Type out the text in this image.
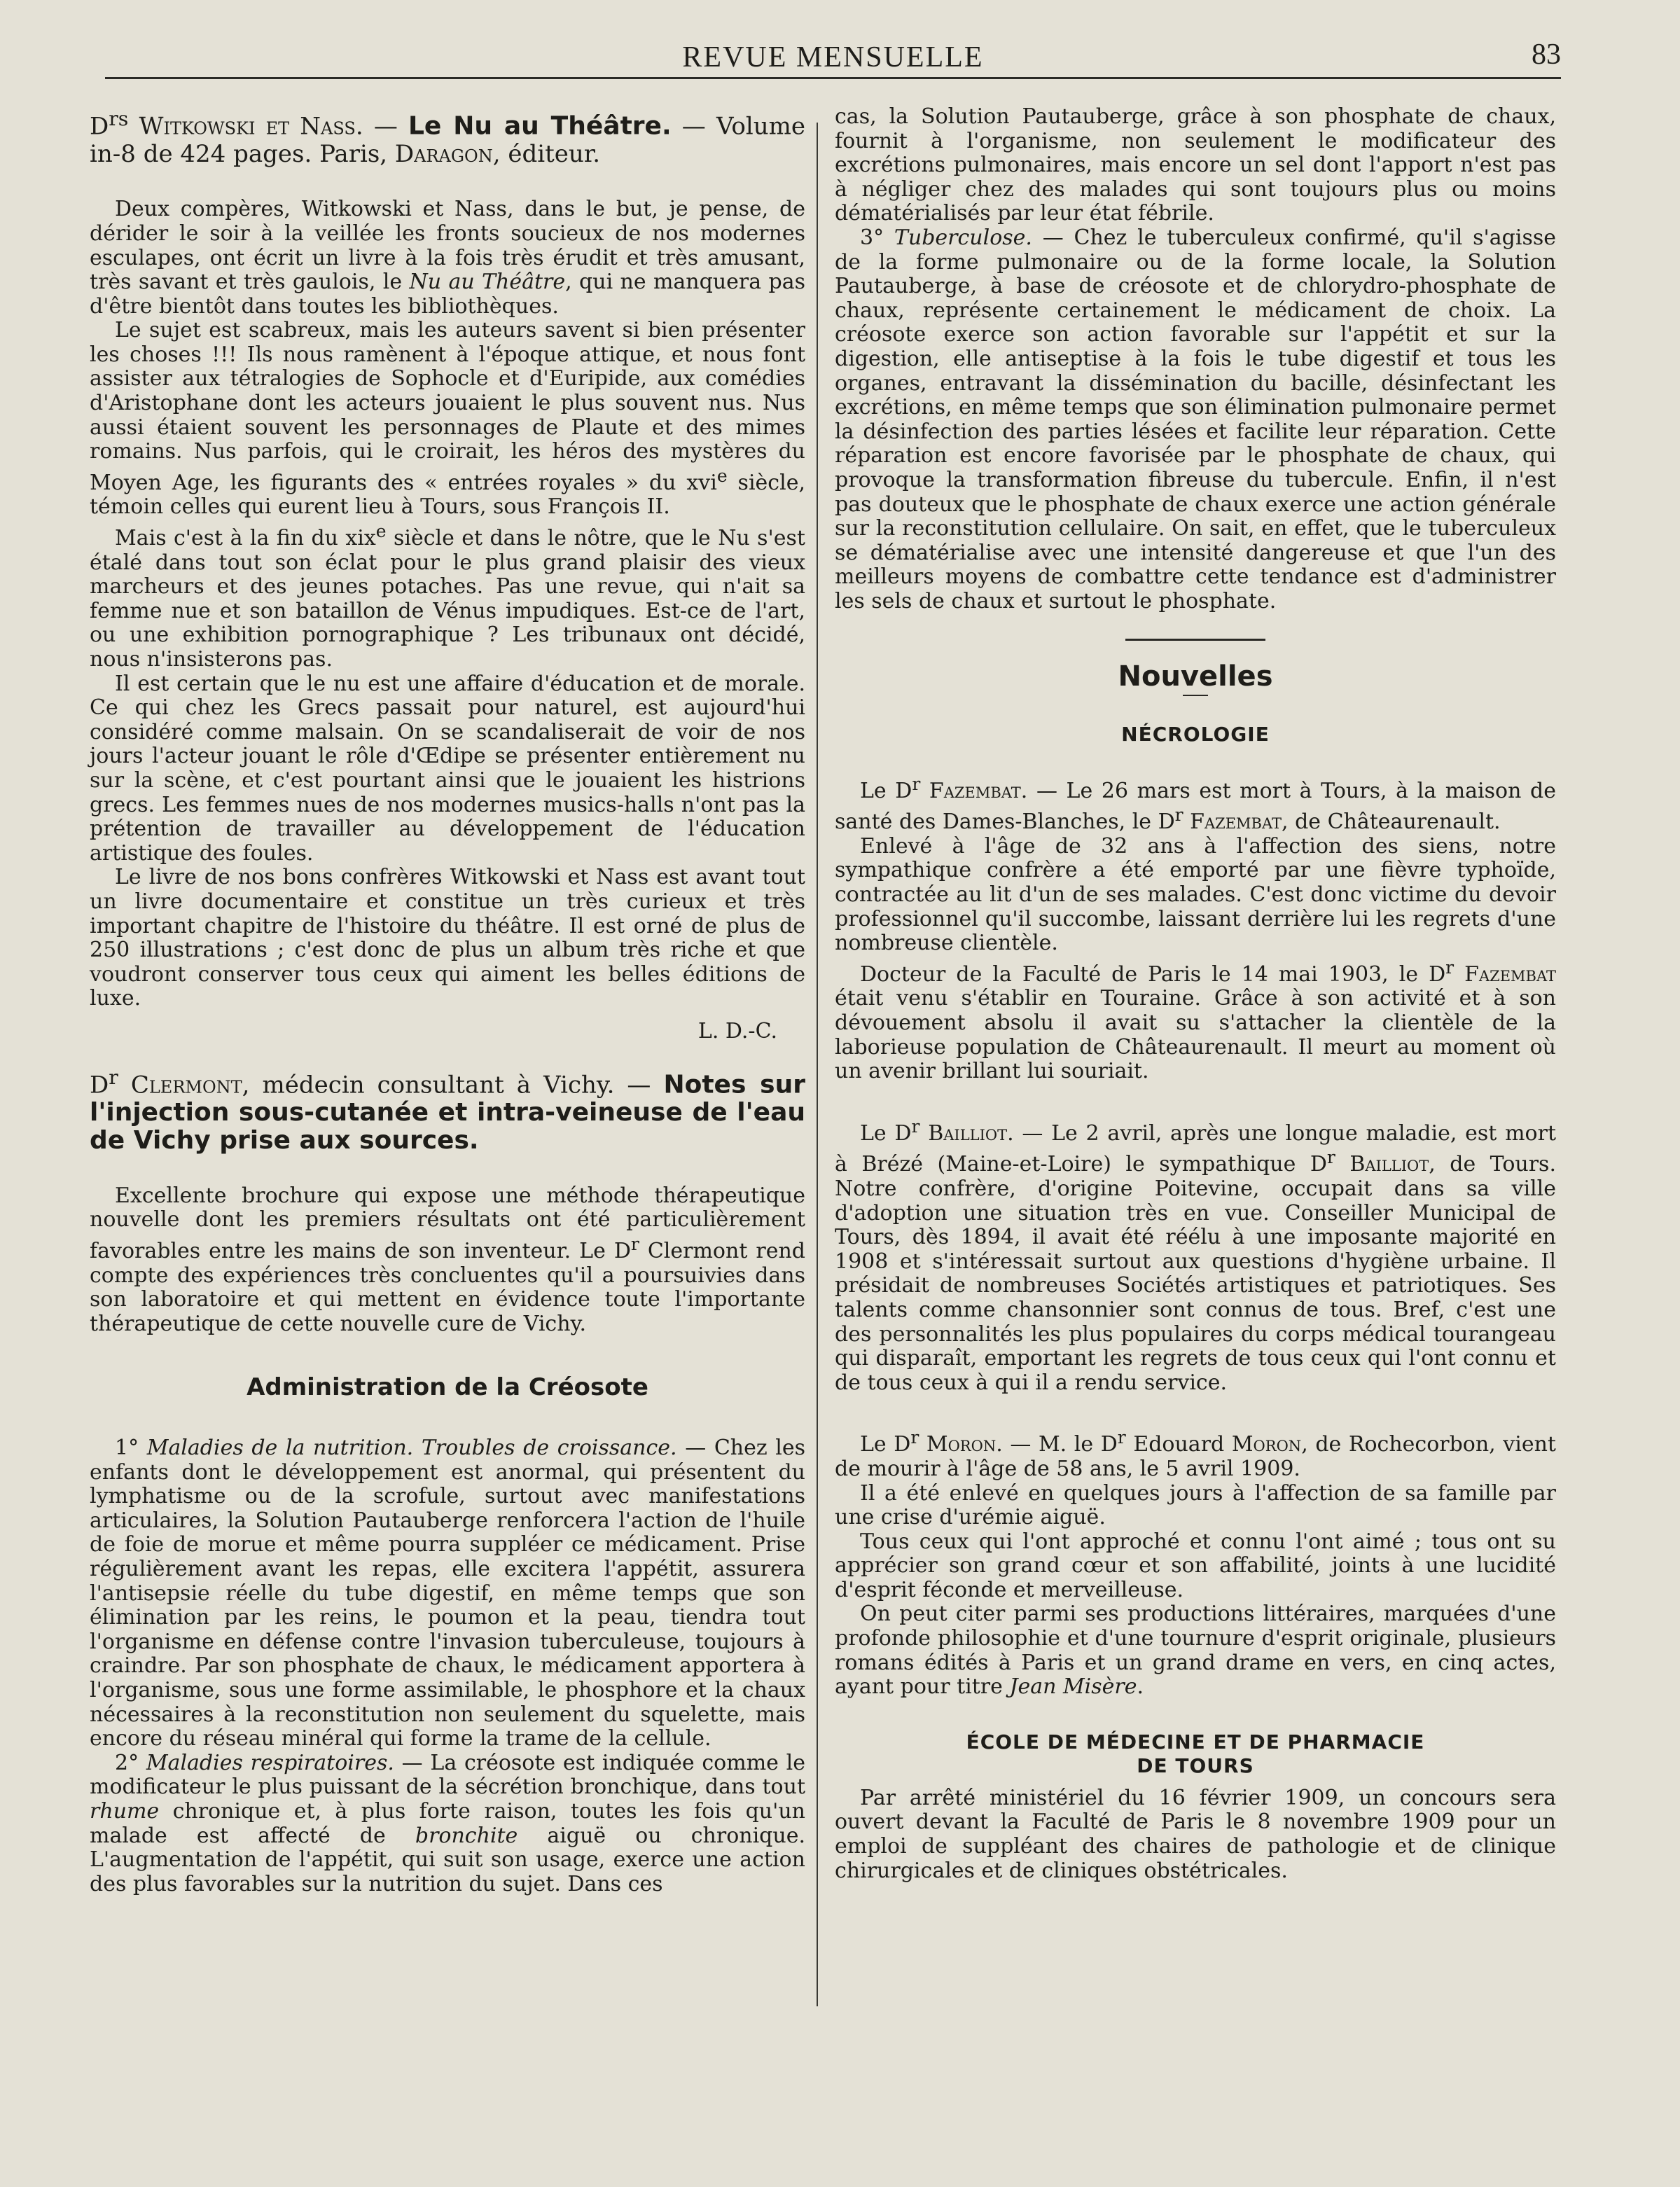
REVUE MENSUELLE	83
$D^{rs}$ Witkowski et Nass. — Le Nu au Théâtre. — Volume in-8 de 424 pages. Paris, Daragon, éditeur.

Deux compères, Witkowski et Nass, dans le but, je pense, de dérider le soir à la veillée les fronts soucieux de nos modernes esculapes, ont écrit un livre à la fois très érudit et très amusant, très savant et très gaulois, le Nu au Théâtre, qui ne manquera pas d'être bientôt dans toutes les bibliothèques.

Le sujet est scabreux, mais les auteurs savent si bien présenter les choses !!! Ils nous ramènent à l'époque attique, et nous font assister aux tétralogies de Sophocle et d'Euripide, aux comédies d'Aristophane dont les acteurs jouaient le plus souvent nus. Nus aussi étaient souvent les personnages de Plaute et des mimes romains. Nus parfois, qui le croirait, les héros des mystères du Moyen Age, les figurants des « entrées royales » du xvi$^e$ siècle, témoin celles qui eurent lieu à Tours, sous François II.

Mais c'est à la fin du xix$^e$ siècle et dans le nôtre, que le Nu s'est étalé dans tout son éclat pour le plus grand plaisir des vieux marcheurs et des jeunes potaches. Pas une revue, qui n'ait sa femme nue et son bataillon de Vénus impudiques. Est-ce de l'art, ou une exhibition pornographique ? Les tribunaux ont décidé, nous n'insisterons pas.

Il est certain que le nu est une affaire d'éducation et de morale. Ce qui chez les Grecs passait pour naturel, est aujourd'hui considéré comme malsain. On se scandaliserait de voir de nos jours l'acteur jouant le rôle d'Œdipe se présenter entièrement nu sur la scène, et c'est pourtant ainsi que le jouaient les histrions grecs. Les femmes nues de nos modernes musics-halls n'ont pas la prétention de travailler au développement de l'éducation artistique des foules.

Le livre de nos bons confrères Witkowski et Nass est avant tout un livre documentaire et constitue un très curieux et très important chapitre de l'histoire du théâtre. Il est orné de plus de 250 illustrations ; c'est donc de plus un album très riche et que voudront conserver tous ceux qui aiment les belles éditions de luxe.

L. D.-C.
$D^r$ Clermont, médecin consultant à Vichy. — Notes sur l'injection sous-cutanée et intra-veineuse de l'eau de Vichy prise aux sources.

Excellente brochure qui expose une méthode thérapeutique nouvelle dont les premiers résultats ont été particulièrement favorables entre les mains de son inventeur. Le $D^r$ Clermont rend compte des expériences très concluentes qu'il a poursuivies dans son laboratoire et qui mettent en évidence toute l'importante thérapeutique de cette nouvelle cure de Vichy.

Administration de la Créosote

1° Maladies de la nutrition. Troubles de croissance. — Chez les enfants dont le développement est anormal, qui présentent du lymphatisme ou de la scrofule, surtout avec manifestations articulaires, la Solution Pautauberge renforcera l'action de l'huile de foie de morue et même pourra suppléer ce médicament. Prise régulièrement avant les repas, elle excitera l'appétit, assurera l'antisepsie réelle du tube digestif, en même temps que son élimination par les reins, le poumon et la peau, tiendra tout l'organisme en défense contre l'invasion tuberculeuse, toujours à craindre. Par son phosphate de chaux, le médicament apportera à l'organisme, sous une forme assimilable, le phosphore et la chaux nécessaires à la reconstitution non seulement du squelette, mais encore du réseau minéral qui forme la trame de la cellule.

2° Maladies respiratoires. — La créosote est indiquée comme le modificateur le plus puissant de la sécrétion bronchique, dans tout rhume chronique et, à plus forte raison, toutes les fois qu'un malade est affecté de bronchite aiguë ou chronique. L'augmentation de l'appétit, qui suit son usage, exerce une action des plus favorables sur la nutrition du sujet. Dans ces

cas, la Solution Pautauberge, grâce à son phosphate de chaux, fournit à l'organisme, non seulement le modificateur des excrétions pulmonaires, mais encore un sel dont l'apport n'est pas à négliger chez des malades qui sont toujours plus ou moins dématérialisés par leur état fébrile.

3° Tuberculose. — Chez le tuberculeux confirmé, qu'il s'agisse de la forme pulmonaire ou de la forme locale, la Solution Pautauberge, à base de créosote et de chlorydro-phosphate de chaux, représente certainement le médicament de choix. La créosote exerce son action favorable sur l'appétit et sur la digestion, elle antiseptise à la fois le tube digestif et tous les organes, entravant la dissémination du bacille, désinfectant les excrétions, en même temps que son élimination pulmonaire permet la désinfection des parties lésées et facilite leur réparation. Cette réparation est encore favorisée par le phosphate de chaux, qui provoque la transformation fibreuse du tubercule. Enfin, il n'est pas douteux que le phosphate de chaux exerce une action générale sur la reconstitution cellulaire. On sait, en effet, que le tuberculeux se dématérialise avec une intensité dangereuse et que l'un des meilleurs moyens de combattre cette tendance est d'administrer les sels de chaux et surtout le phosphate.

Nouvelles
NÉCROLOGIE

Le $D^r$ Fazembat. — Le 26 mars est mort à Tours, à la maison de santé des Dames-Blanches, le $D^r$ Fazembat, de Châteaurenault.

Enlevé à l'âge de 32 ans à l'affection des siens, notre sympathique confrère a été emporté par une fièvre typhoïde, contractée au lit d'un de ses malades. C'est donc victime du devoir professionnel qu'il succombe, laissant derrière lui les regrets d'une nombreuse clientèle.

Docteur de la Faculté de Paris le 14 mai 1903, le $D^r$ Fazembat était venu s'établir en Touraine. Grâce à son activité et à son dévouement absolu il avait su s'attacher la clientèle de la laborieuse population de Châteaurenault. Il meurt au moment où un avenir brillant lui souriait.

Le $D^r$ Bailliot. — Le 2 avril, après une longue maladie, est mort à Brézé (Maine-et-Loire) le sympathique $D^r$ Bailliot, de Tours. Notre confrère, d'origine Poitevine, occupait dans sa ville d'adoption une situation très en vue. Conseiller Municipal de Tours, dès 1894, il avait été réélu à une imposante majorité en 1908 et s'intéressait surtout aux questions d'hygiène urbaine. Il présidait de nombreuses Sociétés artistiques et patriotiques. Ses talents comme chansonnier sont connus de tous. Bref, c'est une des personnalités les plus populaires du corps médical tourangeau qui disparaît, emportant les regrets de tous ceux qui l'ont connu et de tous ceux à qui il a rendu service.

Le $D^r$ Moron. — M. le $D^r$ Edouard Moron, de Rochecorbon, vient de mourir à l'âge de 58 ans, le 5 avril 1909.

Il a été enlevé en quelques jours à l'affection de sa famille par une crise d'urémie aiguë.

Tous ceux qui l'ont approché et connu l'ont aimé ; tous ont su apprécier son grand cœur et son affabilité, joints à une lucidité d'esprit féconde et merveilleuse.

On peut citer parmi ses productions littéraires, marquées d'une profonde philosophie et d'une tournure d'esprit originale, plusieurs romans édités à Paris et un grand drame en vers, en cinq actes, ayant pour titre Jean Misère.

ÉCOLE DE MÉDECINE ET DE PHARMACIE
DE TOURS

Par arrêté ministériel du 16 février 1909, un concours sera ouvert devant la Faculté de Paris le 8 novembre 1909 pour un emploi de suppléant des chaires de pathologie et de clinique chirurgicales et de cliniques obstétricales.
